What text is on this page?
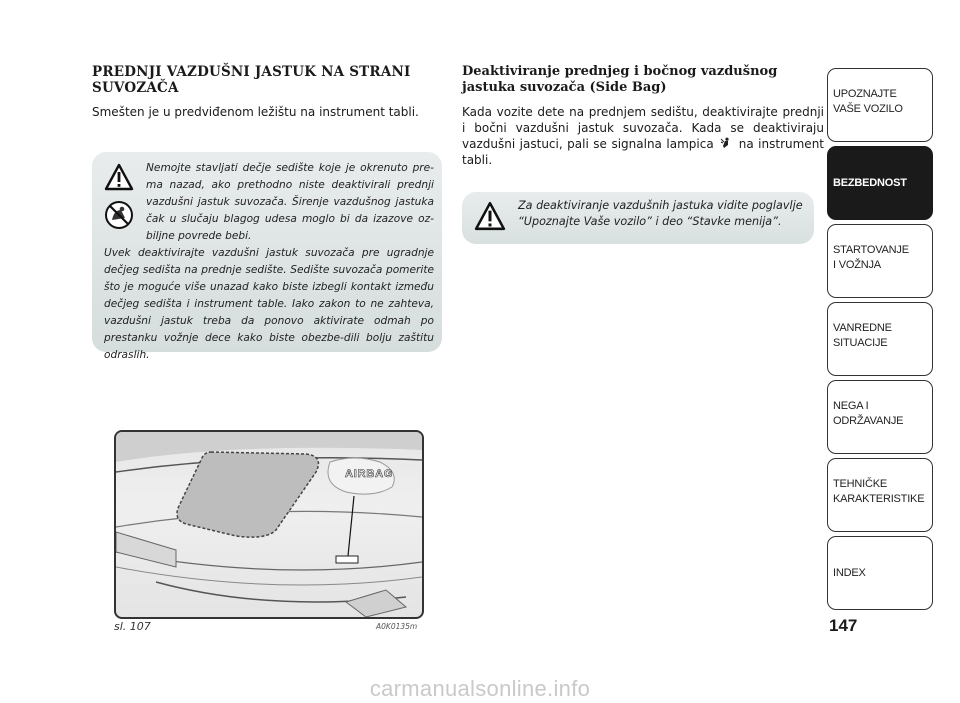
PREDNJI VAZDUŠNI JASTUK NA STRANI
SUVOZAČA
Smešten je u predviđenom ležištu na instrument tabli.
Nemojte stavljati dečje sedište koje je okrenuto pre-ma nazad, ako prethodno niste deaktivirali prednji vazdušni jastuk suvozača. Širenje vazdušnog jastuka čak u slučaju blagog udesa moglo bi da izazove oz-biljne povrede bebi.
Uvek deaktivirajte vazdušni jastuk suvozača pre ugradnje dečjeg sedišta na prednje sedište. Sedište suvozača pomerite što je moguće više unazad kako biste izbegli kontakt između dečjeg sedišta i instrument table. Iako zakon to ne zahteva, vazdušni jastuk treba da ponovo aktivirate odmah po prestanku vožnje dece kako biste obezbe-dili bolju zaštitu odraslih.
AIRBAG
sl. 107	A0K0135m
Deaktiviranje prednjeg i bočnog vazdušnog
jastuka suvozača (Side Bag)
Kada vozite dete na prednjem sedištu, deaktivirajte prednji i bočni vazdušni jastuk suvozača. Kada se deaktiviraju vazdušni jastuci, pali se signalna lampica na instrument tabli.
Za deaktiviranje vazdušnih jastuka vidite poglavlje “Upoznajte Vaše vozilo” i deo “Stavke menija”.
UPOZNAJTE
VAŠE VOZILO
BEZBEDNOST
STARTOVANJE
I VOŽNJA
VANREDNE
SITUACIJE
NEGA I
ODRŽAVANJE
TEHNIČKE
KARAKTERISTIKE
INDEX
147
carmanualsonline.info
